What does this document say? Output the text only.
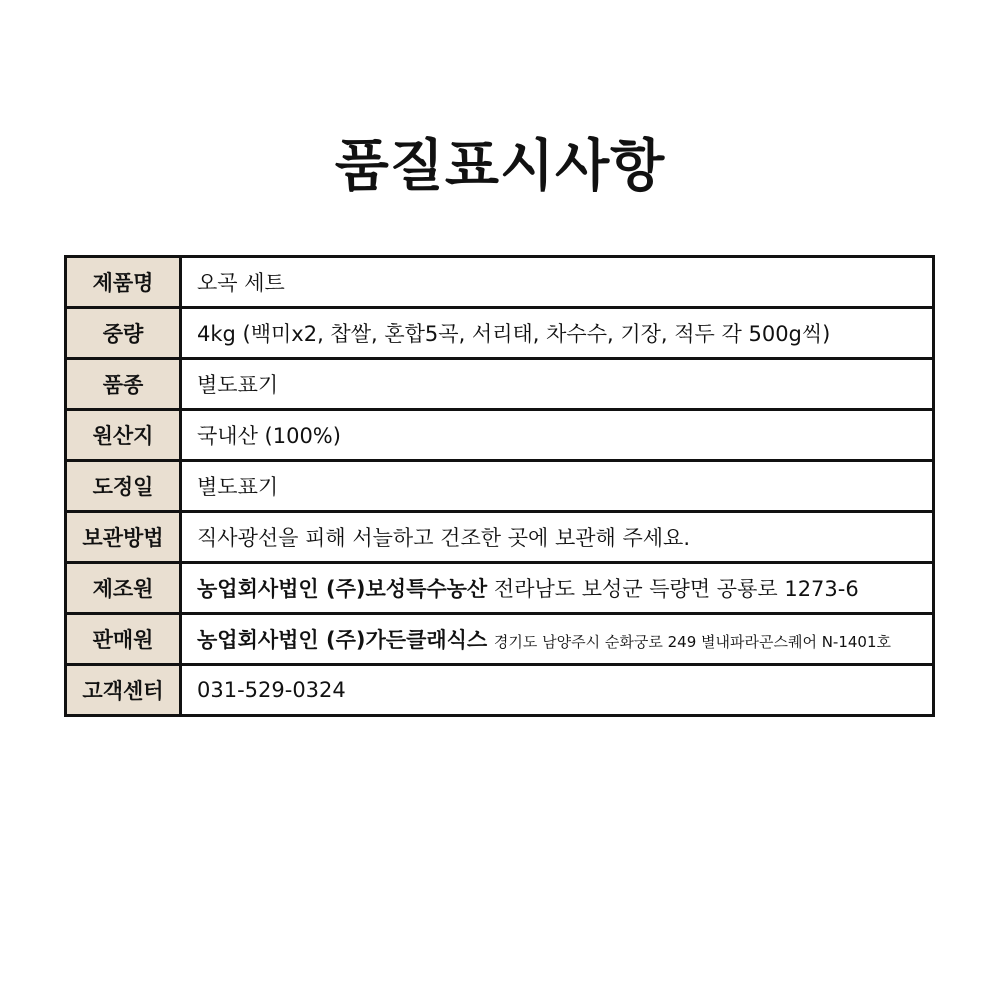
품질표시사항
제품명	오곡 세트
중량	4kg (백미x2, 찹쌀, 혼합5곡, 서리태, 차수수, 기장, 적두 각 500g씩)
품종	별도표기
원산지	국내산 (100%)
도정일	별도표기
보관방법	직사광선을 피해 서늘하고 건조한 곳에 보관해 주세요.
제조원	농업회사법인 (주)보성특수농산 전라남도 보성군 득량면 공룡로 1273-6
판매원	농업회사법인 (주)가든클래식스 경기도 남양주시 순화궁로 249 별내파라곤스퀘어 N-1401호
고객센터	031-529-0324
